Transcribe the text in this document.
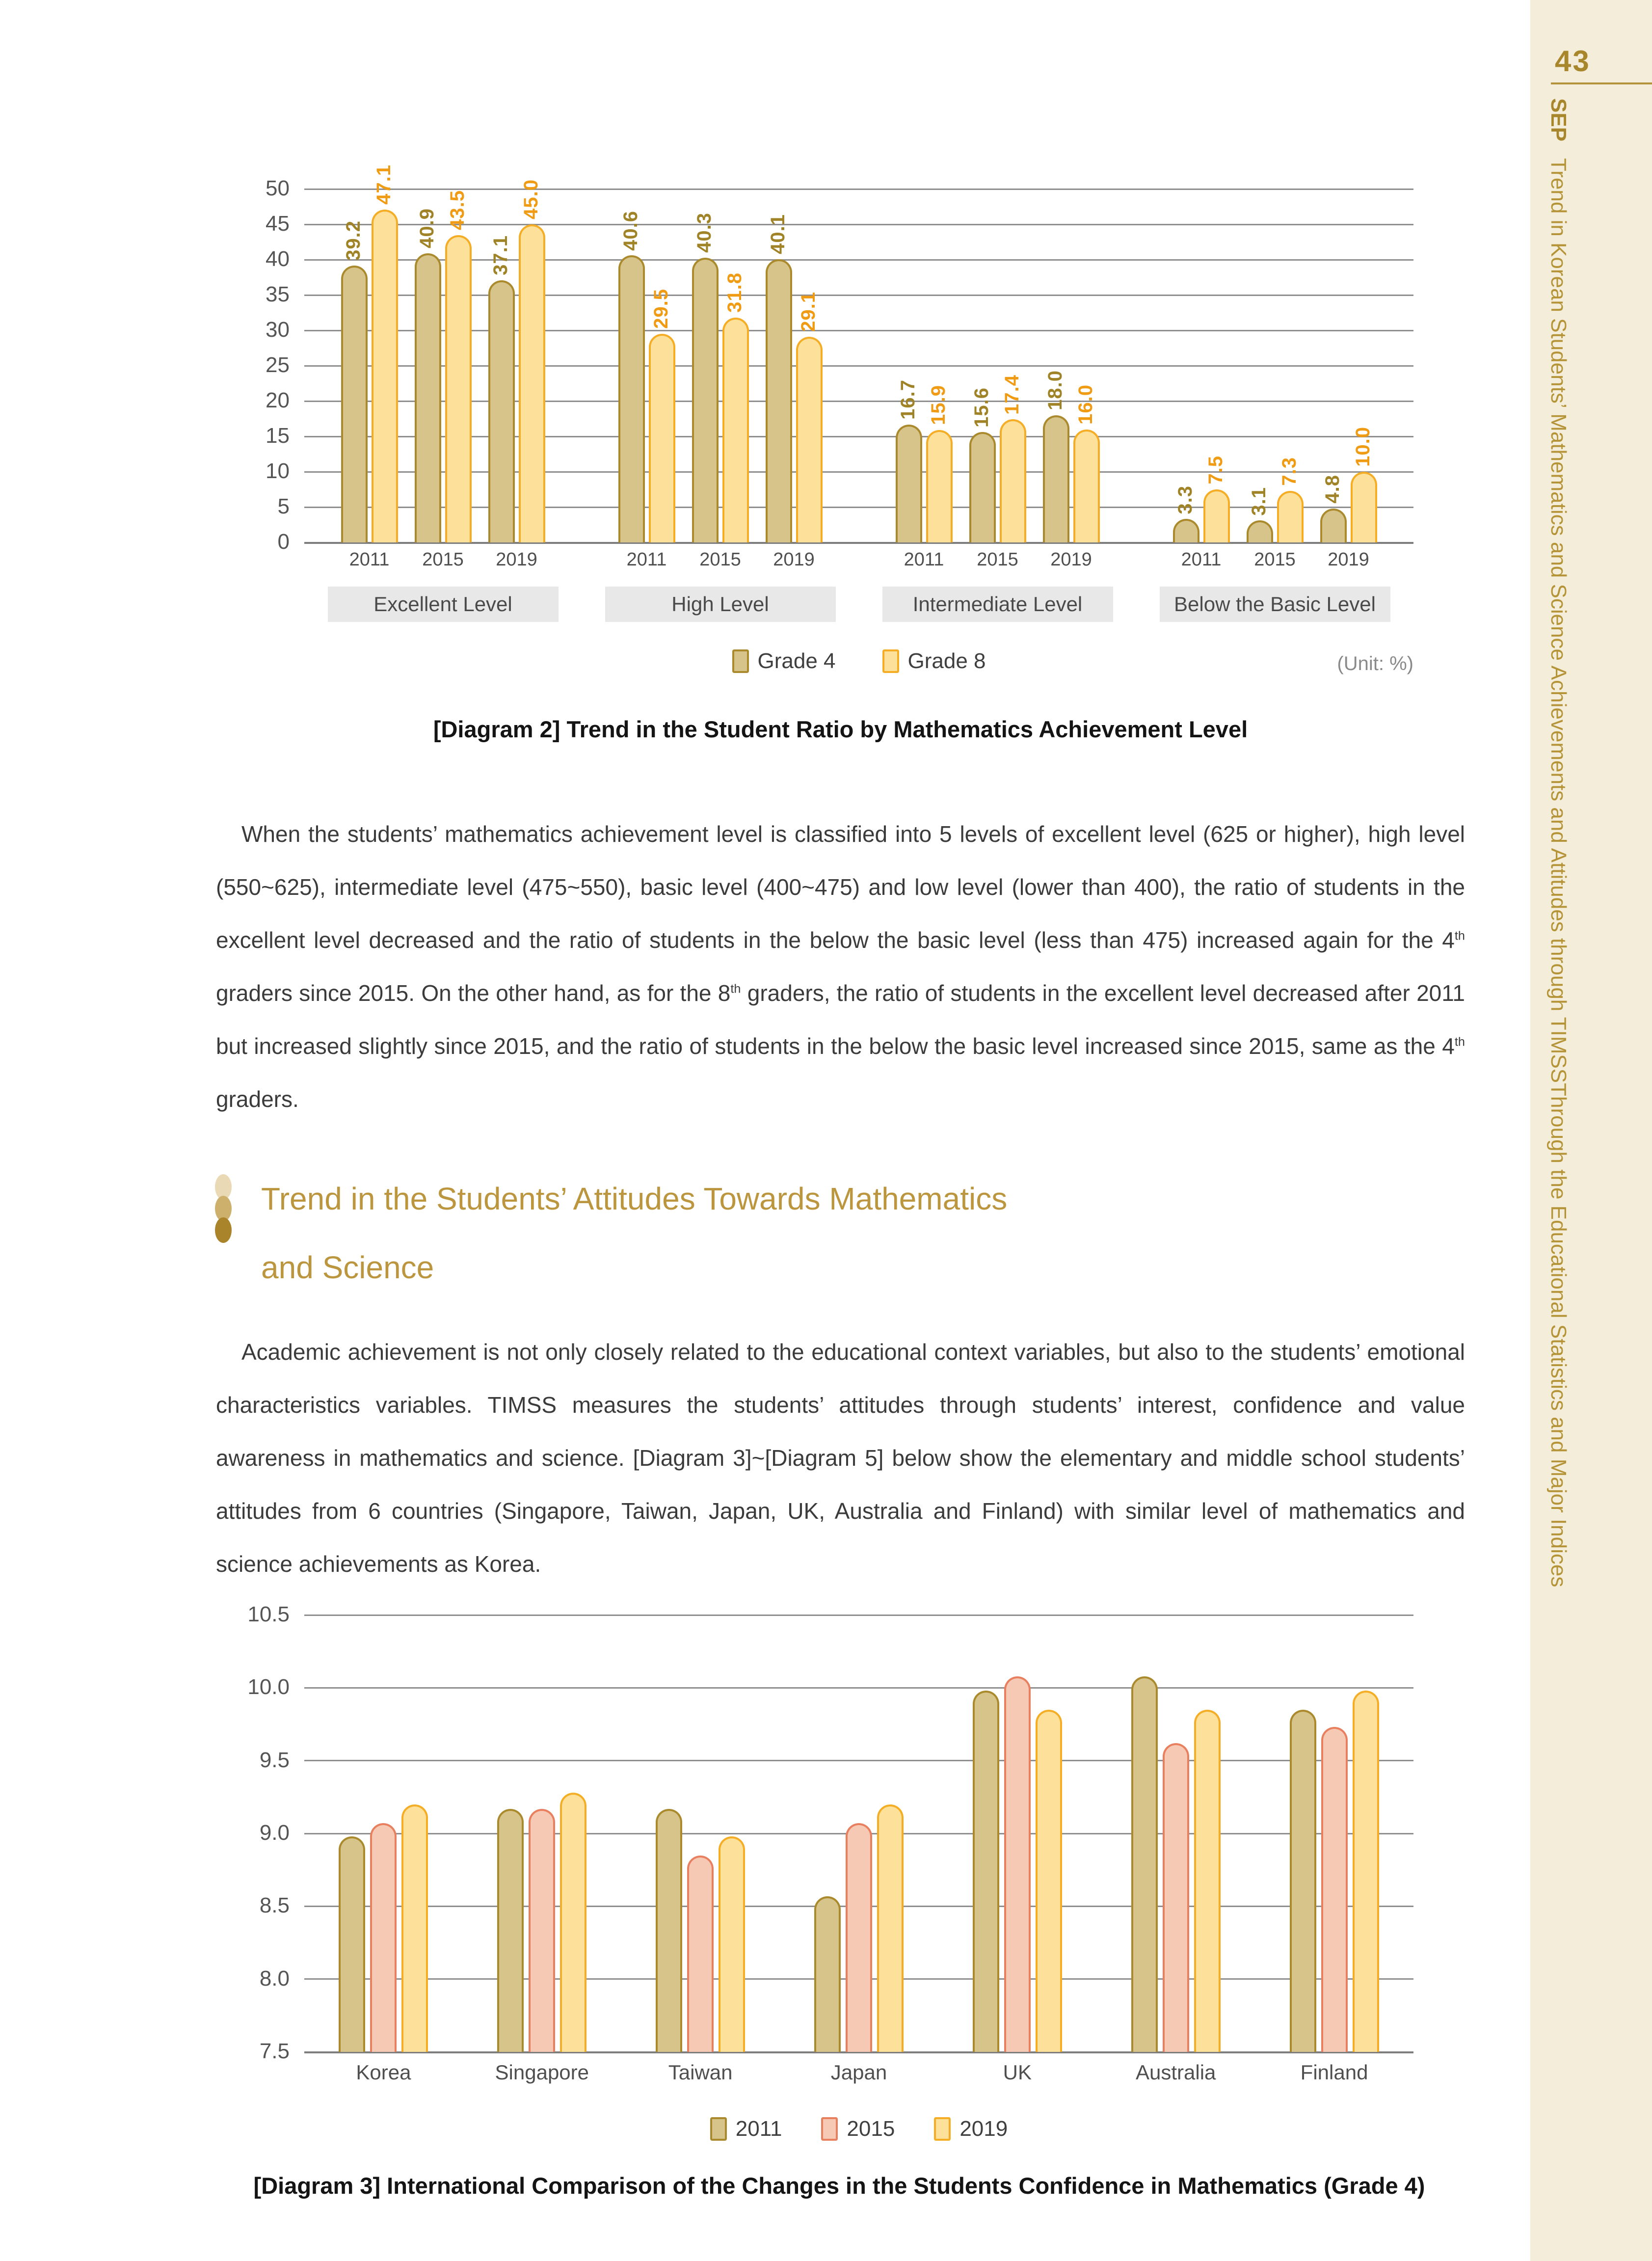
0
5
10
15
20
25
30
35
40
45
50
39.2
47.1
2011
40.9 43.5
2015
37.1
45.0
2019
Excellent Level
40.6
29.5
2011
40.3
31.8
2015
40.1
29.1
2019
High Level
16.7 15.9
2011
15.6 17.4
2015
18.0 16.0
2019
Intermediate Level
3.3
7.5
2011
3.1
7.3
2015
4.8
10.0
2019
Below the Basic Level
Grade 4	Grade 8	(Unit: %)
[Diagram 2] Trend in the Student Ratio by Mathematics Achievement Level
When the students’ mathematics achievement level is classified into 5 levels of excellent level (625 or higher), high level (550~625), intermediate level (475~550), basic level (400~475) and low level (lower than 400), the ratio of students in the excellent level decreased and the ratio of students in the below the basic level (less than 475) increased again for the 4th graders since 2015. On the other hand, as for the 8th graders, the ratio of students in the excellent level decreased after 2011 but increased slightly since 2015, and the ratio of students in the below the basic level increased since 2015, same as the 4th graders.
Trend in the Students’ Attitudes Towards Mathematics
and Science
Academic achievement is not only closely related to the educational context variables, but also to the students’ emotional characteristics variables. TIMSS measures the students’ attitudes through students’ interest, confidence and value awareness in mathematics and science. [Diagram 3]~[Diagram 5] below show the elementary and middle school students’ attitudes from 6 countries (Singapore, Taiwan, Japan, UK, Australia and Finland) with similar level of mathematics and science achievements as Korea.
7.5
8.0
8.5
9.0
9.5
10.0
10.5
Korea	Singapore	Taiwan	Japan	UK	Australia	Finland
2011	2015	2019
[Diagram 3] International Comparison of the Changes in the Students Confidence in Mathematics (Grade 4)
43
SEPTrend in Korean Students’ Mathematics and Science Achievements and Attitudes through TIMSSThrough the Educational Statistics and Major Indices
